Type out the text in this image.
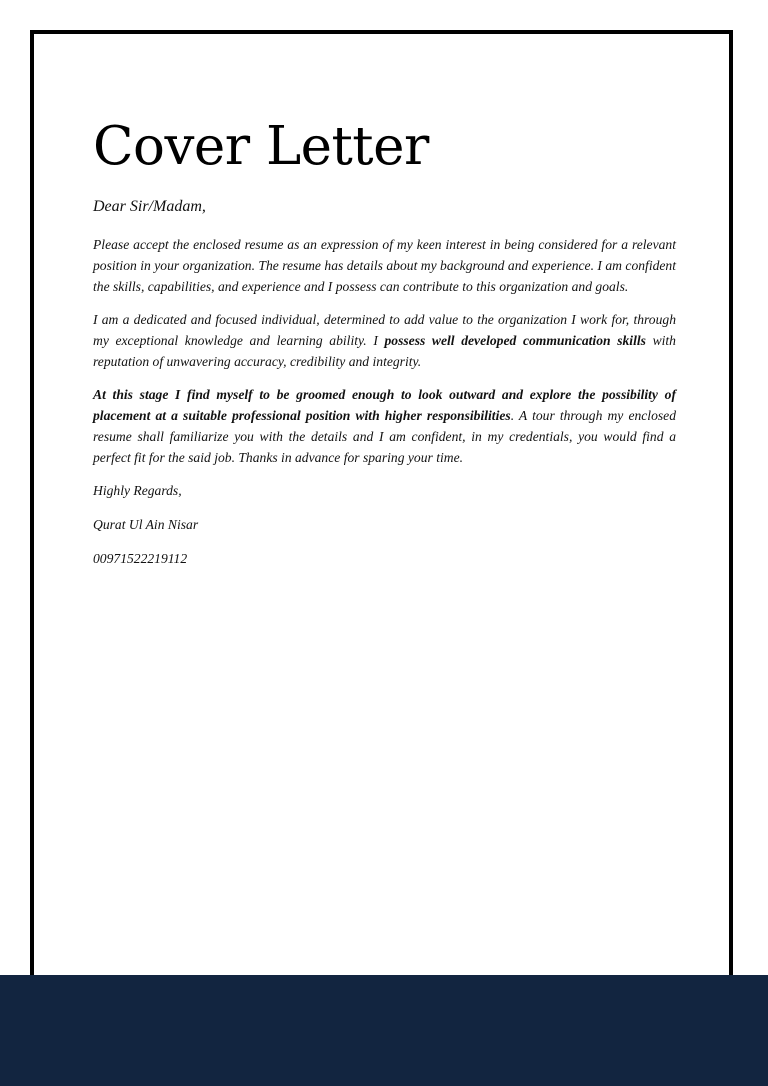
Cover Letter

Dear Sir/Madam,

Please accept the enclosed resume as an expression of my keen interest in being considered for a relevant position in your organization. The resume has details about my background and experience. I am confident the skills, capabilities, and experience and I possess can contribute to this organization and goals.

I am a dedicated and focused individual, determined to add value to the organization I work for, through my exceptional knowledge and learning ability. I possess well developed communication skills with reputation of unwavering accuracy, credibility and integrity.

At this stage I find myself to be groomed enough to look outward and explore the possibility of placement at a suitable professional position with higher responsibilities. A tour through my enclosed resume shall familiarize you with the details and I am confident, in my credentials, you would find a perfect fit for the said job. Thanks in advance for sparing your time.

Highly Regards,

Qurat Ul Ain Nisar

00971522219112
